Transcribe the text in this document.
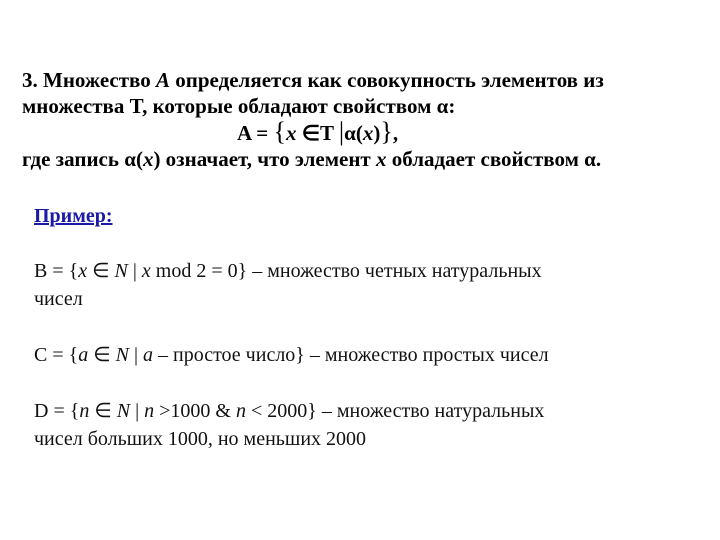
3. Множество A определяется как совокупность элементов из
множества T, которые обладают свойством α:
A = {x ∈T |α(x)},
где запись α(x) означает, что элемент x обладает свойством α.
Пример:
B = {x ∈ N | x mod 2 = 0} – множество четных натуральных
чисел
C = {a ∈ N | a – простое число} – множество простых чисел
D = {n ∈ N | n >1000 & n < 2000} – множество натуральных
чисел больших 1000, но меньших 2000
